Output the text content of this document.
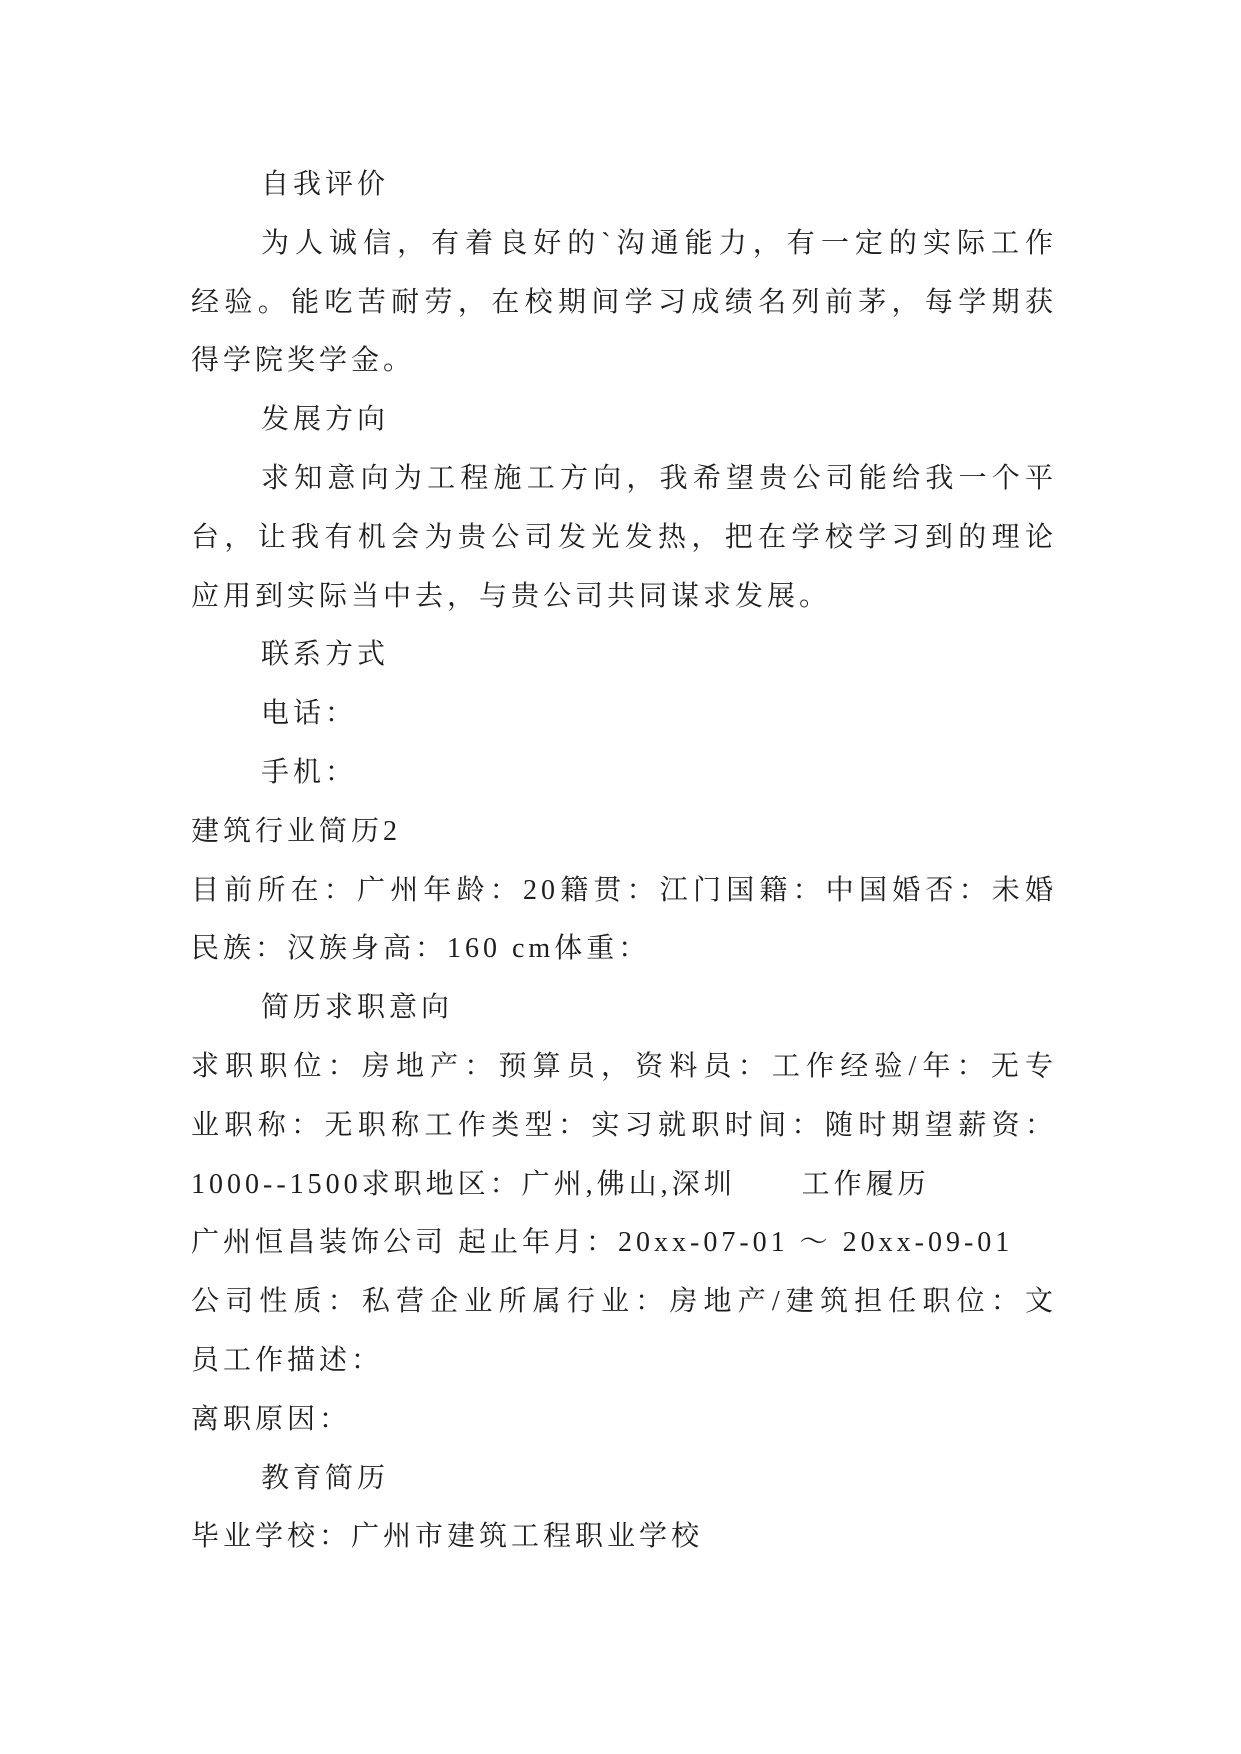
自我评价

为人诚信，有着良好的`沟通能力，有一定的实际工作

经验。能吃苦耐劳，在校期间学习成绩名列前茅，每学期获

得学院奖学金。

发展方向

求知意向为工程施工方向，我希望贵公司能给我一个平

台，让我有机会为贵公司发光发热，把在学校学习到的理论

应用到实际当中去，与贵公司共同谋求发展。

联系方式

电话：

手机：

建筑行业简历2

目前所在：广州年龄：20籍贯：江门国籍：中国婚否：未婚

民族：汉族身高：160 cm体重：

简历求职意向

求职职位：房地产：预算员，资料员：工作经验/年：无专

业职称：无职称工作类型：实习就职时间：随时期望薪资：

1000--1500求职地区：广州,佛山,深圳      工作履历

广州恒昌装饰公司 起止年月：20xx-07-01 ～ 20xx-09-01

公司性质：私营企业所属行业：房地产/建筑担任职位：文

员工作描述：

离职原因：

教育简历

毕业学校：广州市建筑工程职业学校
